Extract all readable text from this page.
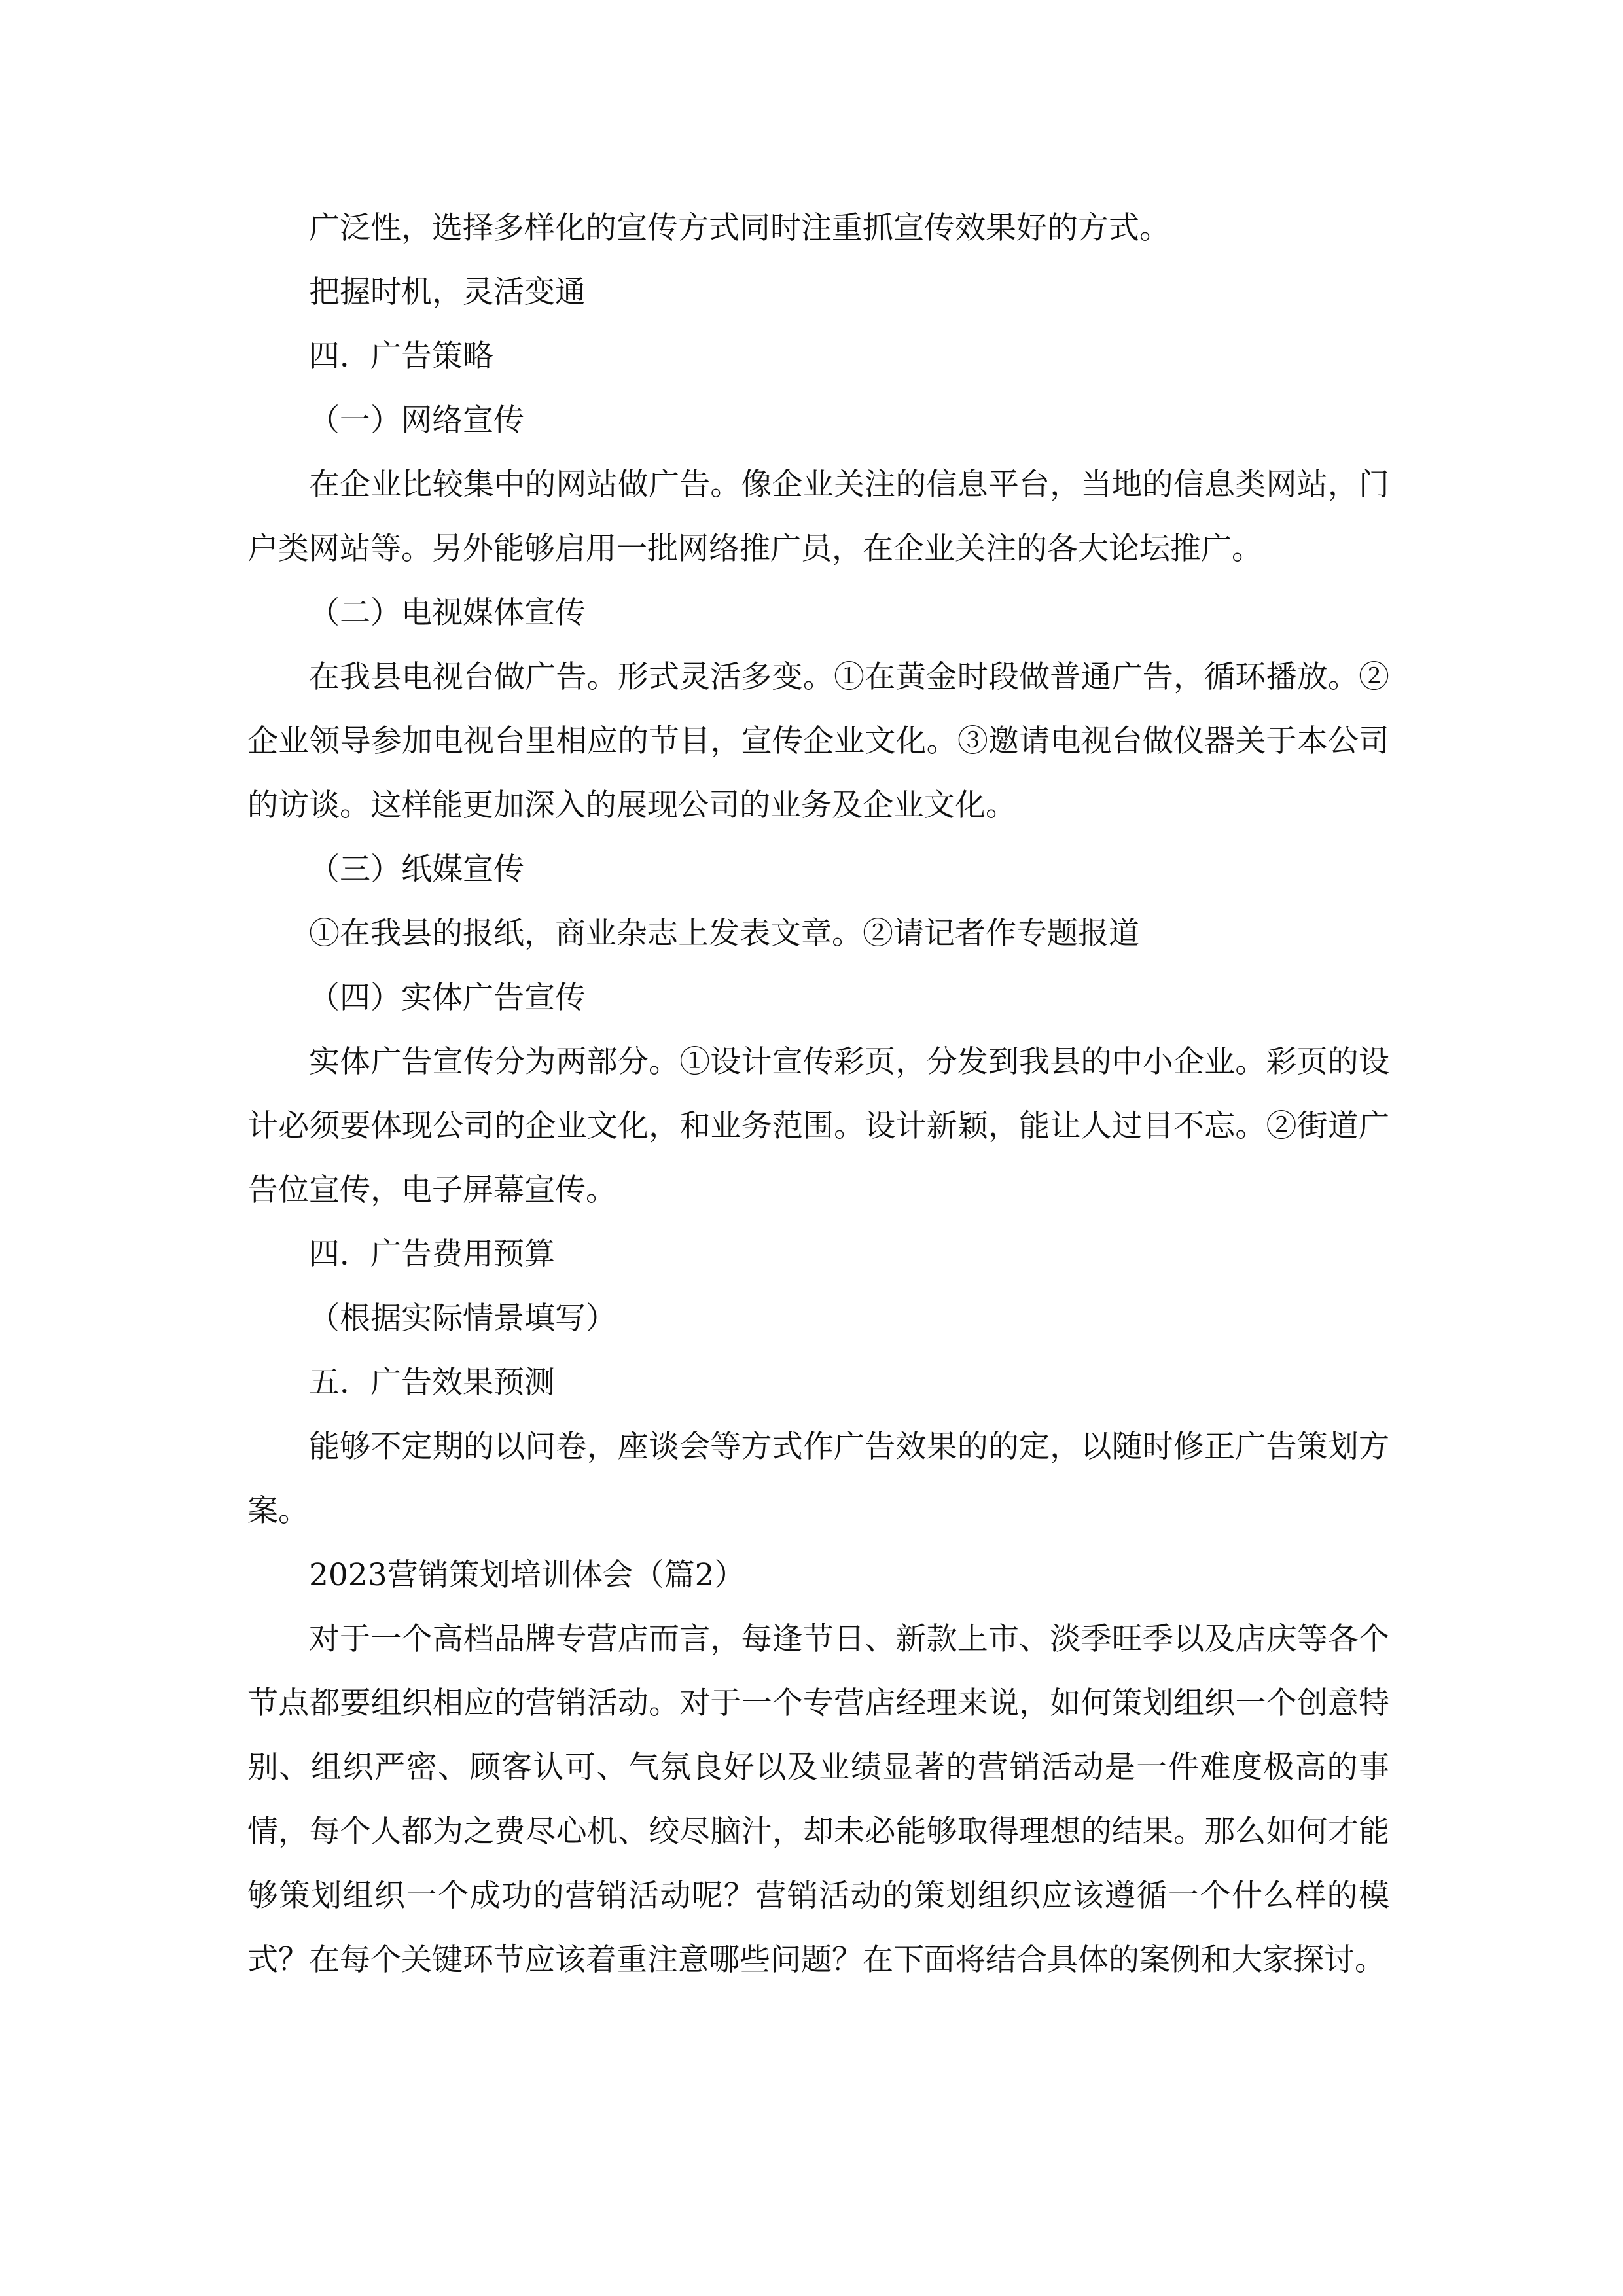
广泛性，选择多样化的宣传方式同时注重抓宣传效果好的方式。

把握时机，灵活变通

四．广告策略

（一）网络宣传

在企业比较集中的网站做广告。像企业关注的信息平台，当地的信息类网站，门户类网站等。另外能够启用一批网络推广员，在企业关注的各大论坛推广。

（二）电视媒体宣传

在我县电视台做广告。形式灵活多变。①在黄金时段做普通广告，循环播放。②企业领导参加电视台里相应的节目，宣传企业文化。③邀请电视台做仪器关于本公司的访谈。这样能更加深入的展现公司的业务及企业文化。

（三）纸媒宣传

①在我县的报纸，商业杂志上发表文章。②请记者作专题报道

（四）实体广告宣传

实体广告宣传分为两部分。①设计宣传彩页，分发到我县的中小企业。彩页的设计必须要体现公司的企业文化，和业务范围。设计新颖，能让人过目不忘。②街道广告位宣传，电子屏幕宣传。

四．广告费用预算

（根据实际情景填写）

五．广告效果预测

能够不定期的以问卷，座谈会等方式作广告效果的的定，以随时修正广告策划方案。

2023营销策划培训体会（篇2）

对于一个高档品牌专营店而言，每逢节日、新款上市、淡季旺季以及店庆等各个节点都要组织相应的营销活动。对于一个专营店经理来说，如何策划组织一个创意特别、组织严密、顾客认可、气氛良好以及业绩显著的营销活动是一件难度极高的事情，每个人都为之费尽心机、绞尽脑汁，却未必能够取得理想的结果。那么如何才能够策划组织一个成功的营销活动呢？营销活动的策划组织应该遵循一个什么样的模式？在每个关键环节应该着重注意哪些问题？在下面将结合具体的案例和大家探讨。
